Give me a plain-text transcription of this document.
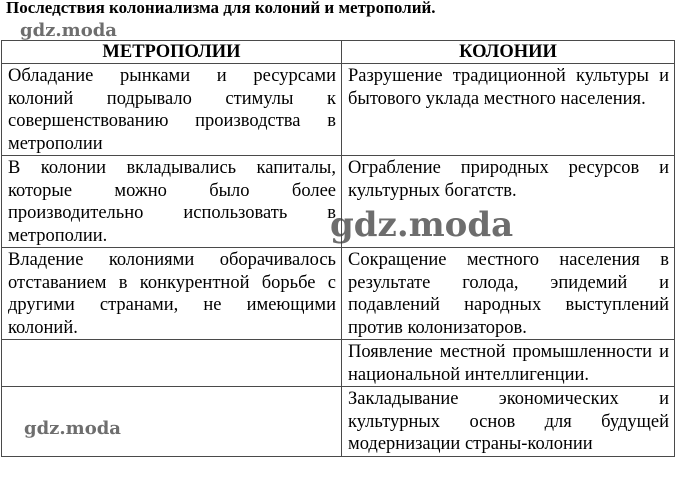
Последствия колониализма для колоний и метрополий.
МЕТРОПОЛИИ	КОЛОНИИ
Обладание рынками и ресурсами колоний подрывало стимулы к совершенствованию производства в метрополии	Разрушение традиционной культуры и бытового уклада местного населения.
В колонии вкладывались капиталы, которые можно было более производительно использовать в метрополии.	Ограбление природных ресурсов и культурных богатств.
Владение колониями оборачивалось отставанием в конкурентной борьбе с другими странами, не имеющими колоний.	Сокращение местного населения в результате голода, эпидемий и подавлений народных выступлений против колонизаторов.
	Появление местной промышленности и национальной интеллигенции.
	Закладывание экономических и культурных основ для будущей модернизации страны-колонии
gdz.moda
gdz.moda
gdz.moda
